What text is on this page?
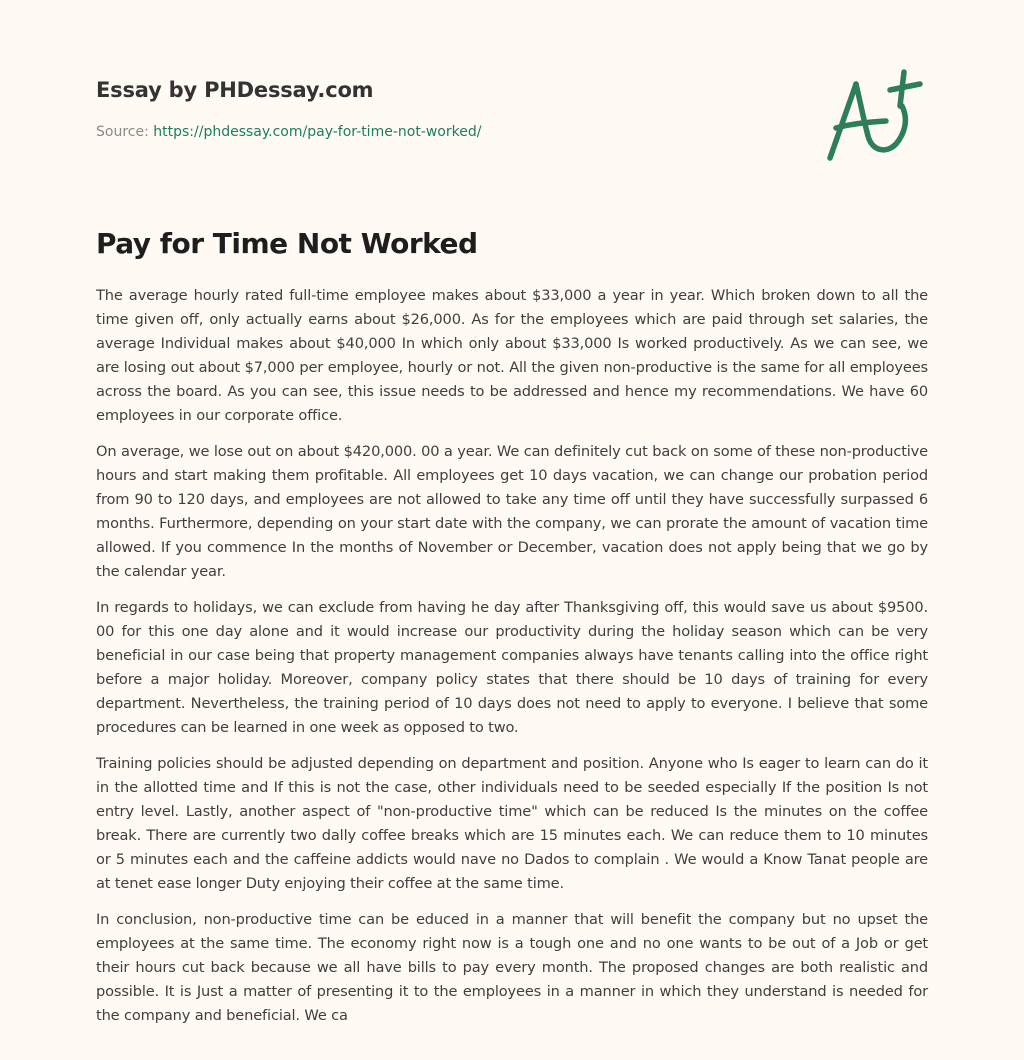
Essay by PHDessay.com
Source: https://phdessay.com/pay-for-time-not-worked/
Pay for Time Not Worked

The average hourly rated full-time employee makes about $33,000 a year in year. Which broken down to all the time given off, only actually earns about $26,000. As for the employees which are paid through set salaries, the average Individual makes about $40,000 In which only about $33,000 Is worked productively. As we can see, we are losing out about $7,000 per employee, hourly or not. All the given non-productive is the same for all employees across the board. As you can see, this issue needs to be addressed and hence my recommendations. We have 60 employees in our corporate office.

On average, we lose out on about $420,000. 00 a year. We can definitely cut back on some of these non-productive hours and start making them profitable. All employees get 10 days vacation, we can change our probation period from 90 to 120 days, and employees are not allowed to take any time off until they have successfully surpassed 6 months. Furthermore, depending on your start date with the company, we can prorate the amount of vacation time allowed. If you commence In the months of November or December, vacation does not apply being that we go by the calendar year.

In regards to holidays, we can exclude from having he day after Thanksgiving off, this would save us about $9500. 00 for this one day alone and it would increase our productivity during the holiday season which can be very beneficial in our case being that property management companies always have tenants calling into the office right before a major holiday. Moreover, company policy states that there should be 10 days of training for every department. Nevertheless, the training period of 10 days does not need to apply to everyone. I believe that some procedures can be learned in one week as opposed to two.

Training policies should be adjusted depending on department and position. Anyone who Is eager to learn can do it in the allotted time and If this is not the case, other individuals need to be seeded especially If the position Is not entry level. Lastly, another aspect of "non-productive time" which can be reduced Is the minutes on the coffee break. There are currently two dally coffee breaks which are 15 minutes each. We can reduce them to 10 minutes or 5 minutes each and the caffeine addicts would nave no Dados to complain . We would a Know Tanat people are at tenet ease longer Duty enjoying their coffee at the same time.

In conclusion, non-productive time can be educed in a manner that will benefit the company but no upset the employees at the same time. The economy right now is a tough one and no one wants to be out of a Job or get their hours cut back because we all have bills to pay every month. The proposed changes are both realistic and possible. It is Just a matter of presenting it to the employees in a manner in which they understand is needed for the company and beneficial. We ca
